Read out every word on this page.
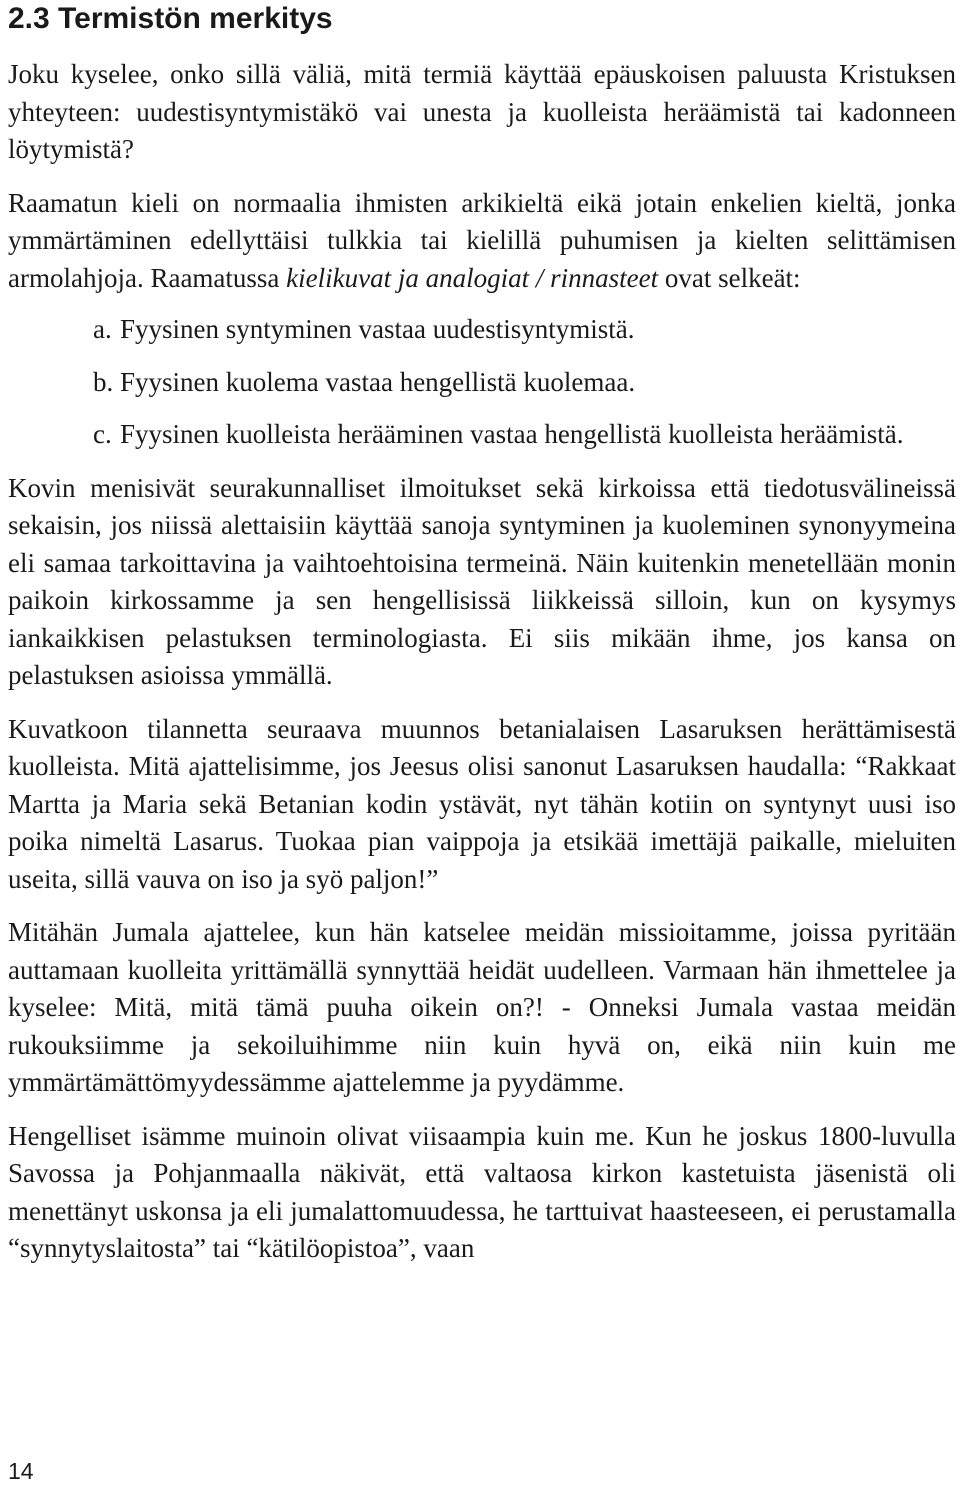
2.3 Termistön merkitys

Joku kyselee, onko sillä väliä, mitä termiä käyttää epäuskoisen paluusta Kristuksen yhteyteen: uudestisyntymistäkö vai unesta ja kuolleista heräämistä tai kadonneen löytymistä?

Raamatun kieli on normaalia ihmisten arkikieltä eikä jotain enkelien kieltä, jonka ymmärtäminen edellyttäisi tulkkia tai kielillä puhumisen ja kielten selittämisen armolahjoja. Raamatussa kielikuvat ja analogiat / rinnasteet ovat selkeät:

a. Fyysinen syntyminen vastaa uudestisyntymistä.
b. Fyysinen kuolema vastaa hengellistä kuolemaa.
c. Fyysinen kuolleista herääminen vastaa hengellistä kuolleista heräämistä.

Kovin menisivät seurakunnalliset ilmoitukset sekä kirkoissa että tiedotusvälineissä sekaisin, jos niissä alettaisiin käyttää sanoja syntyminen ja kuoleminen synonyymeina eli samaa tarkoittavina ja vaihtoehtoisina termeinä. Näin kuitenkin menetellään monin paikoin kirkossamme ja sen hengellisissä liikkeissä silloin, kun on kysymys iankaikkisen pelastuksen terminologiasta. Ei siis mikään ihme, jos kansa on pelastuksen asioissa ymmällä.

Kuvatkoon tilannetta seuraava muunnos betanialaisen Lasaruksen herättämisestä kuolleista. Mitä ajattelisimme, jos Jeesus olisi sanonut Lasaruksen haudalla: “Rakkaat Martta ja Maria sekä Betanian kodin ystävät, nyt tähän kotiin on syntynyt uusi iso poika nimeltä Lasarus. Tuokaa pian vaippoja ja etsikää imettäjä paikalle, mieluiten useita, sillä vauva on iso ja syö paljon!”

Mitähän Jumala ajattelee, kun hän katselee meidän missioitamme, joissa pyritään auttamaan kuolleita yrittämällä synnyttää heidät uudelleen. Varmaan hän ihmettelee ja kyselee: Mitä, mitä tämä puuha oikein on?! - Onneksi Jumala vastaa meidän rukouksiimme ja sekoiluihimme niin kuin hyvä on, eikä niin kuin me ymmärtämättömyydessämme ajattelemme ja pyydämme.

Hengelliset isämme muinoin olivat viisaampia kuin me. Kun he joskus 1800-luvulla Savossa ja Pohjanmaalla näkivät, että valtaosa kirkon kastetuista jäsenistä oli menettänyt uskonsa ja eli jumalattomuudessa, he tarttuivat haasteeseen, ei perustamalla “synnytyslaitosta” tai “kätilöopistoa”, vaan

14
